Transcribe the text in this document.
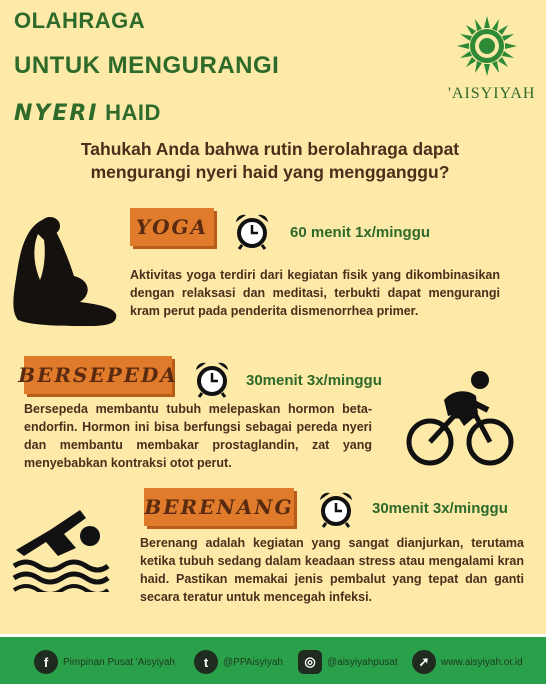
OLAHRAGA
UNTUK MENGURANGI
NYERI HAID
'AISYIYAH
Tahukah Anda bahwa rutin berolahraga dapat mengurangi nyeri haid yang mengganggu?
YOGA	60 menit 1x/minggu
Aktivitas yoga terdiri dari kegiatan fisik yang dikombinasikan dengan relaksasi dan meditasi, terbukti dapat mengurangi kram perut pada penderita dismenorrhea primer.
BERSEPEDA	30menit 3x/minggu
Bersepeda membantu tubuh melepaskan hormon beta-endorfin. Hormon ini bisa berfungsi sebagai pereda nyeri dan membantu membakar prostaglandin, zat yang menyebabkan kontraksi otot perut.
BERENANG	30menit 3x/minggu
Berenang adalah kegiatan yang sangat dianjurkan, terutama ketika tubuh sedang dalam keadaan stress atau mengalami kran haid. Pastikan memakai jenis pembalut yang tepat dan ganti secara teratur untuk mencegah infeksi.
f	Pimpinan Pusat 'Aisyiyah	t	@PPAisyiyah	◎	@aisyiyahpusat	➚	www.aisyiyah.or.id
